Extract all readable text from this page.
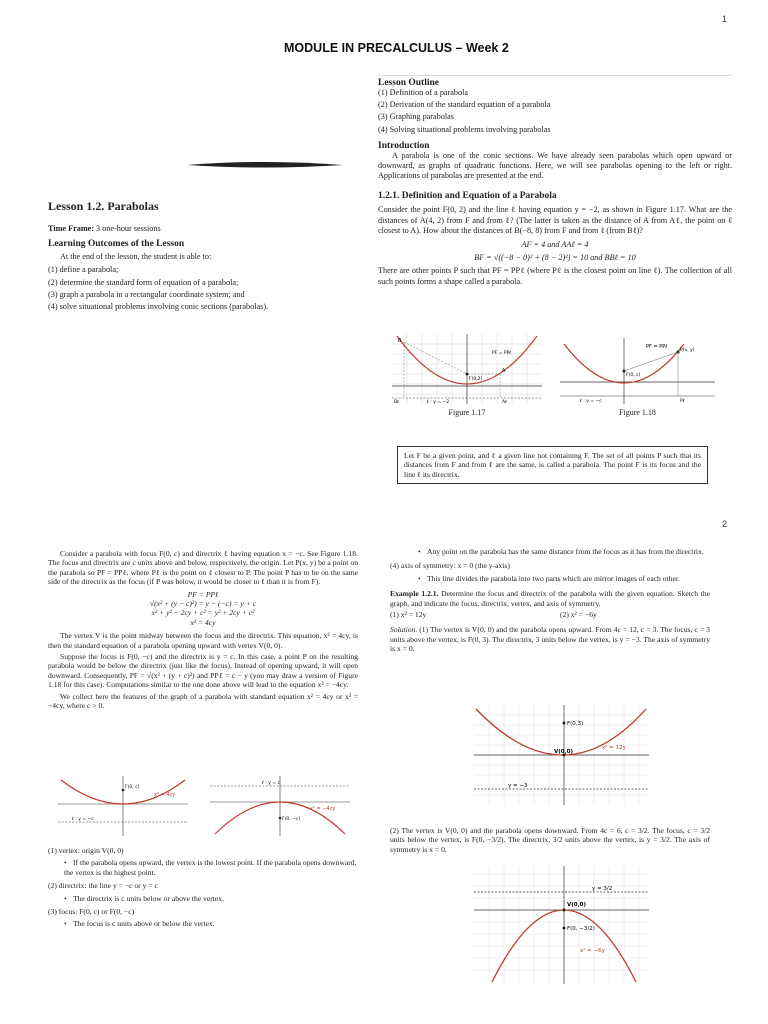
1
MODULE IN PRECALCULUS – Week 2
Lesson 1.2. Parabolas
Time Frame: 3 one-hour sessions
Learning Outcomes of the Lesson
At the end of the lesson, the student is able to:
(1) define a parabola;
(2) determine the standard form of equation of a parabola;
(3) graph a parabola in a rectangular coordinate system; and
(4) solve situational problems involving conic sections (parabolas).
Lesson Outline
(1) Definition of a parabola
(2) Derivation of the standard equation of a parabola
(3) Graphing parabolas
(4) Solving situational problems involving parabolas
Introduction
A parabola is one of the conic sections. We have already seen parabolas which open upward or downward, as graphs of quadratic functions. Here, we will see parabolas opening to the left or right. Applications of parabolas are presented at the end.
1.2.1. Definition and Equation of a Parabola
Consider the point F(0, 2) and the line ℓ having equation y = −2, as shown in Figure 1.17. What are the distances of A(4, 2) from F and from ℓ? (The latter is taken as the distance of A from Aℓ, the point on ℓ closest to A). How about the distances of B(−8, 8) from F and from ℓ (from Bℓ)?
AF = 4 and AAℓ = 4
BF = √((−8 − 0)² + (8 − 2)²) = 10 and BBℓ = 10
There are other points P such that PF = PPℓ (where Pℓ is the closest point on line ℓ). The collection of all such points forms a shape called a parabola.
B
A
F(0,2)
PF = PPℓ
ℓ : y = −2
Bℓ	Aℓ
Figure 1.17
PF = PPℓ
P(x, y)
F(0, c)
ℓ : y = −c	Pℓ
Figure 1.18
Let F be a given point, and ℓ a given line not containing F. The set of all points P such that its distances from F and from ℓ are the same, is called a parabola. The point F is its focus and the line ℓ its directrix.
2
Consider a parabola with focus F(0, c) and directrix ℓ having equation x = −c. See Figure 1.18. The focus and directrix are c units above and below, respectively, the origin. Let P(x, y) be a point on the parabola so PF = PPℓ, where Pℓ is the point on ℓ closest to P. The point P has to be on the same side of the directrix as the focus (if P was below, it would be closer to ℓ than it is from F).
PF = PPℓ
√(x² + (y − c)²) = y − (−c) = y + c
x² + y² − 2cy + c² = y² + 2cy + c²
x² = 4cy
The vertex V is the point midway between the focus and the directrix. This equation, x² = 4cy, is then the standard equation of a parabola opening upward with vertex V(0, 0).
Suppose the focus is F(0, −c) and the directrix is y = c. In this case, a point P on the resulting parabola would be below the directrix (just like the focus). Instead of opening upward, it will open downward. Consequently, PF = √(x² + (y + c)²) and PPℓ = c − y (you may draw a version of Figure 1.18 for this case). Computations similar to the one done above will lead to the equation x² = −4cy.
We collect here the features of the graph of a parabola with standard equation x² = 4cy or x² = −4cy, where c > 0.
F(0, c)
x² = 4cy
ℓ : y = −c
ℓ : y = c
x² = −4cy
F(0, −c)
(1) vertex: origin V(0, 0)
• If the parabola opens upward, the vertex is the lowest point. If the parabola opens downward, the vertex is the highest point.
(2) directrix: the line y = −c or y = c
• The directrix is c units below or above the vertex.
(3) focus: F(0, c) or F(0, −c)
• The focus is c units above or below the vertex.
• Any point on the parabola has the same distance from the focus as it has from the directrix.
(4) axis of symmetry: x = 0 (the y-axis)
• This line divides the parabola into two parts which are mirror images of each other.
Example 1.2.1. Determine the focus and directrix of the parabola with the given equation. Sketch the graph, and indicate the focus, directrix, vertex, and axis of symmetry.
(1) x² = 12y	(2) x² = −6y
Solution. (1) The vertex is V(0, 0) and the parabola opens upward. From 4c = 12, c = 3. The focus, c = 3 units above the vertex, is F(0, 3). The directrix, 3 units below the vertex, is y = −3. The axis of symmetry is x = 0.
F(0,3)
V(0,0)
x² = 12y
y = −3
(2) The vertex is V(0, 0) and the parabola opens downward. From 4c = 6, c = 3/2. The focus, c = 3/2 units below the vertex, is F(0, −3/2). The directrix, 3/2 units above the vertex, is y = 3/2. The axis of symmetry is x = 0.
y = 3/2
V(0,0)
F(0, −3/2)
x² = −6y
